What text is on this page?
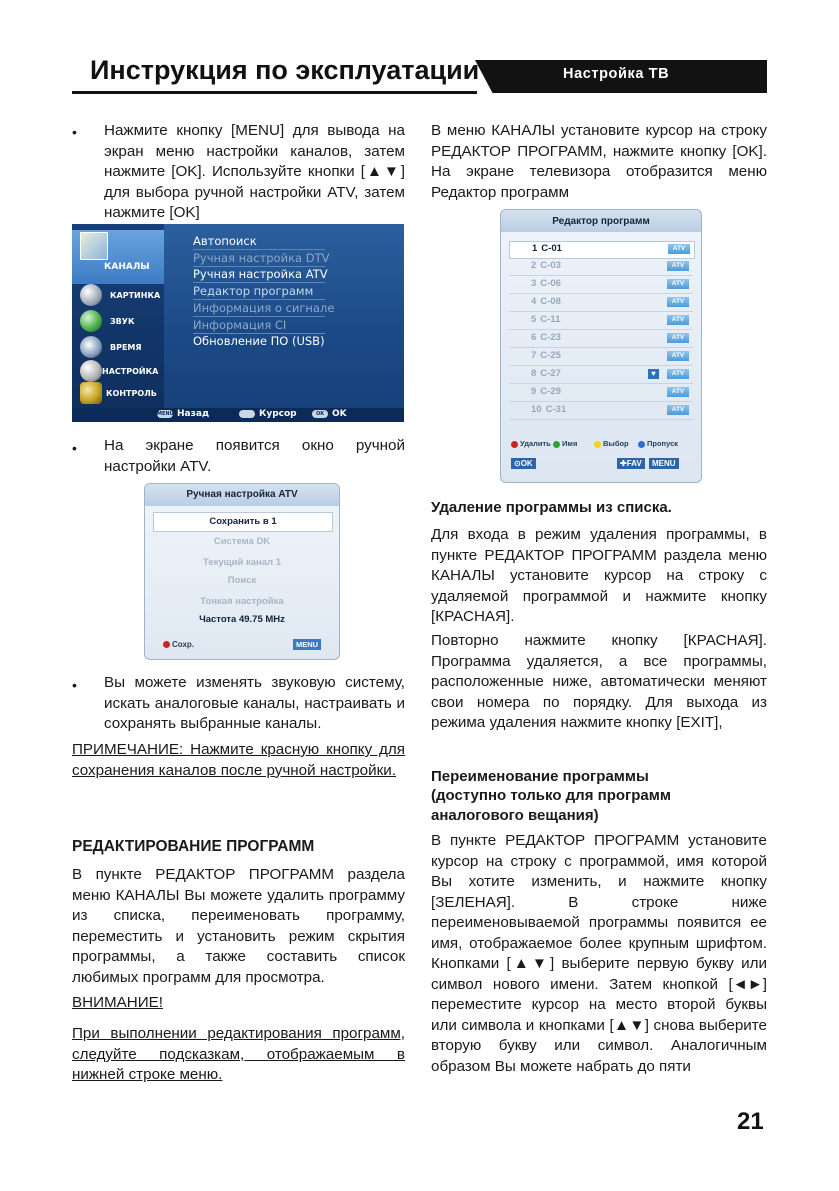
Инструкция по эксплуатации	Настройка ТВ
• Нажмите кнопку [MENU] для вывода на экран меню настройки каналов, затем нажмите [OK]. Используйте кнопки [▲▼] для выбора ручной настройки ATV, затем нажмите [OK]
КАНАЛЫ
КАРТИНКА
ЗВУК
ВРЕМЯ
НАСТРОЙКА
КОНТРОЛЬ
Автопоиск
Ручная настройка DTV
Ручная настройка ATV
Редактор программ
Информация о сигнале
Информация CI
Обновление ПО (USB)
MENU Назад	Курсор	OK OK
• На экране появится окно ручной настройки ATV.
Ручная настройка ATV
Сохранить в 1
Система DK
Текущий канал 1
Поиск
Тонкая настройка
Частота 49.75 MHz
Сохр.	MENU
• Вы можете изменять звуковую систему, искать аналоговые каналы, настраивать и сохранять выбранные каналы.
ПРИМЕЧАНИЕ: Нажмите красную кнопку для сохранения каналов после ручной настройки.
РЕДАКТИРОВАНИЕ ПРОГРАММ
В пункте РЕДАКТОР ПРОГРАММ раздела меню КАНАЛЫ Вы можете удалить программу из списка, переименовать программу, переместить и установить режим скрытия программы, а также составить список любимых программ для просмотра.
ВНИМАНИЕ!
При выполнении редактирования программ, следуйте подсказкам, отображаемым в нижней строке меню.
В меню КАНАЛЫ установите курсор на строку РЕДАКТОР ПРОГРАММ, нажмите кнопку [OK]. На экране телевизора отобразится меню Редактор программ
Редактор программ

1 C-01	ATV
2 C-03	ATV
3 C-06	ATV
4 C-08	ATV
5 C-11	ATV
6 C-23	ATV
7 C-25	ATV
8 C-27	♥	ATV
9 C-29	ATV
10 C-31	ATV
Удалить	Имя	Выбор	Пропуск
⊙OK	✚FAV	MENU
Удаление программы из списка.
Для входа в режим удаления программы, в пункте РЕДАКТОР ПРОГРАММ раздела меню КАНАЛЫ установите курсор на строку с удаляемой программой и нажмите кнопку [КРАСНАЯ].
Повторно нажмите кнопку [КРАСНАЯ]. Программа удаляется, а все программы, расположенные ниже, автоматически меняют свои номера по порядку. Для выхода из режима удаления нажмите кнопку [EXIT],
Переименование программы
(доступно только для программ аналогового вещания)
В пункте РЕДАКТОР ПРОГРАММ установите курсор на строку с программой, имя которой Вы хотите изменить, и нажмите кнопку [ЗЕЛЕНАЯ]. В строке ниже переименовываемой программы появится ее имя, отображаемое более крупным шрифтом. Кнопками [▲▼] выберите первую букву или символ нового имени. Затем кнопкой [◄►] переместите курсор на место второй буквы или символа и кнопками [▲▼] снова выберите вторую букву или символ. Аналогичным образом Вы можете набрать до пяти
21
